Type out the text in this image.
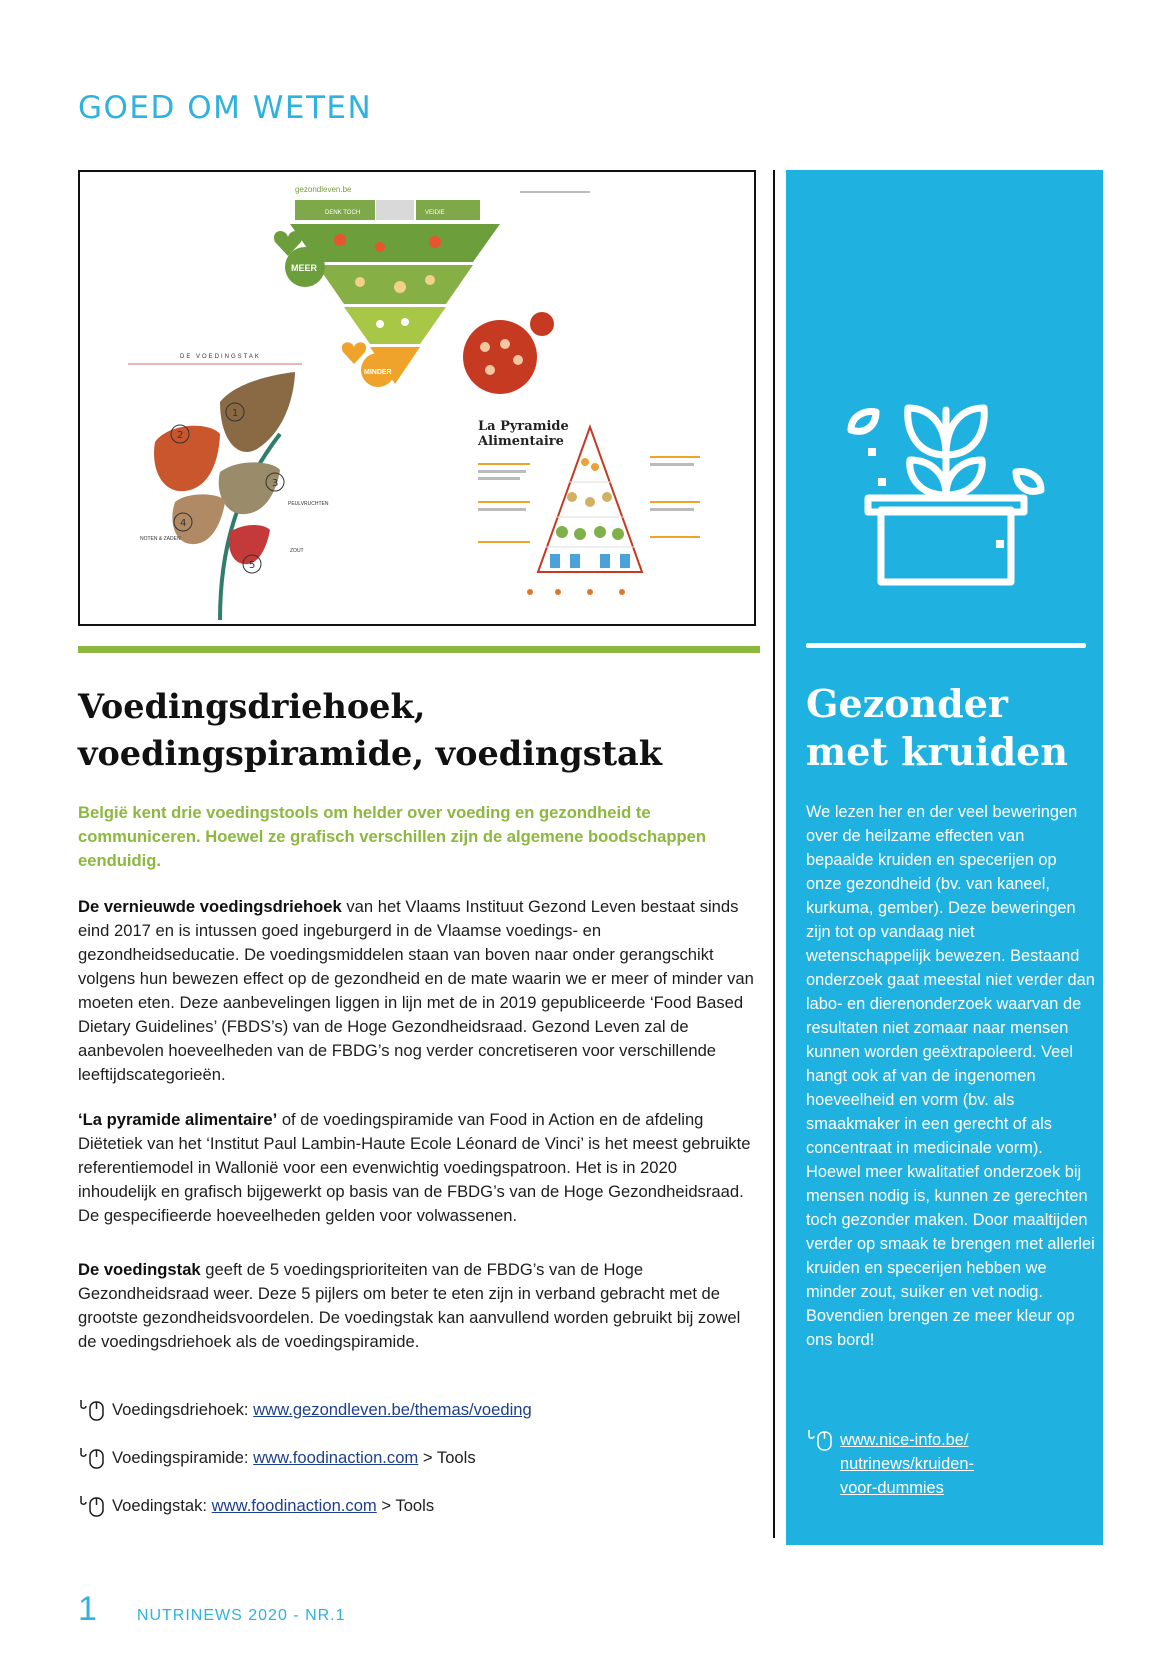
GOED OM WETEN
gezondleven.be
DENK TOCH	VEIDIE
MEER
MINDER
DE VOEDINGSTAK
1
2
3
4
5
PEULVRUCHTEN
NOTEN & ZADEN
ZOUT
La Pyramide
Alimentaire
Voedingsdriehoek,
voedingspiramide, voedingstak

België kent drie voedingstools om helder over voeding en gezondheid te communiceren. Hoewel ze grafisch verschillen zijn de algemene boodschappen eenduidig.

De vernieuwde voedingsdriehoek van het Vlaams Instituut Gezond Leven bestaat sinds eind 2017 en is intussen goed ingeburgerd in de Vlaamse voedings- en gezondheidseducatie. De voedingsmiddelen staan van boven naar onder gerangschikt volgens hun bewezen effect op de gezondheid en de mate waarin we er meer of minder van moeten eten. Deze aanbevelingen liggen in lijn met de in 2019 gepubliceerde ‘Food Based Dietary Guidelines’ (FBDS’s) van de Hoge Gezondheidsraad. Gezond Leven zal de aanbevolen hoeveelheden van de FBDG’s nog verder concretiseren voor verschillende leeftijdscategorieën.

‘La pyramide alimentaire’ of de voedingspiramide van Food in Action en de afdeling Diëtetiek van het ‘Institut Paul Lambin-Haute Ecole Léonard de Vinci’ is het meest gebruikte referentiemodel in Wallonië voor een evenwichtig voedingspatroon. Het is in 2020 inhoudelijk en grafisch bijgewerkt op basis van de FBDG’s van de Hoge Gezondheidsraad. De gespecifieerde hoeveelheden gelden voor volwassenen.

De voedingstak geeft de 5 voedingsprioriteiten van de FBDG’s van de Hoge Gezondheidsraad weer. Deze 5 pijlers om beter te eten zijn in verband gebracht met de grootste gezondheidsvoordelen. De voedingstak kan aanvullend worden gebruikt bij zowel de voedingsdriehoek als de voedingspiramide.

Voedingsdriehoek:
www.gezondleven.be/themas/voeding
Voedingspiramide:
www.foodinaction.com
> Tools
Voedingstak:
www.foodinaction.com
> Tools
Gezonder
met kruiden

We lezen her en der veel beweringen over de heilzame effecten van bepaalde kruiden en specerijen op onze gezondheid (bv. van kaneel, kurkuma, gember). Deze beweringen zijn tot op vandaag niet wetenschappelijk bewezen. Bestaand onderzoek gaat meestal niet verder dan labo- en dierenonderzoek waarvan de resultaten niet zomaar naar mensen kunnen worden geëxtrapoleerd. Veel hangt ook af van de ingenomen hoeveelheid en vorm (bv. als smaakmaker in een gerecht of als concentraat in medicinale vorm). Hoewel meer kwalitatief onderzoek bij mensen nodig is, kunnen ze gerechten toch gezonder maken. Door maaltijden verder op smaak te brengen met allerlei kruiden en specerijen hebben we minder zout, suiker en vet nodig. Bovendien brengen ze meer kleur op ons bord!

www.nice-info.be/
nutrinews/kruiden-
voor-dummies
1	NUTRINEWS 2020 - NR.1
